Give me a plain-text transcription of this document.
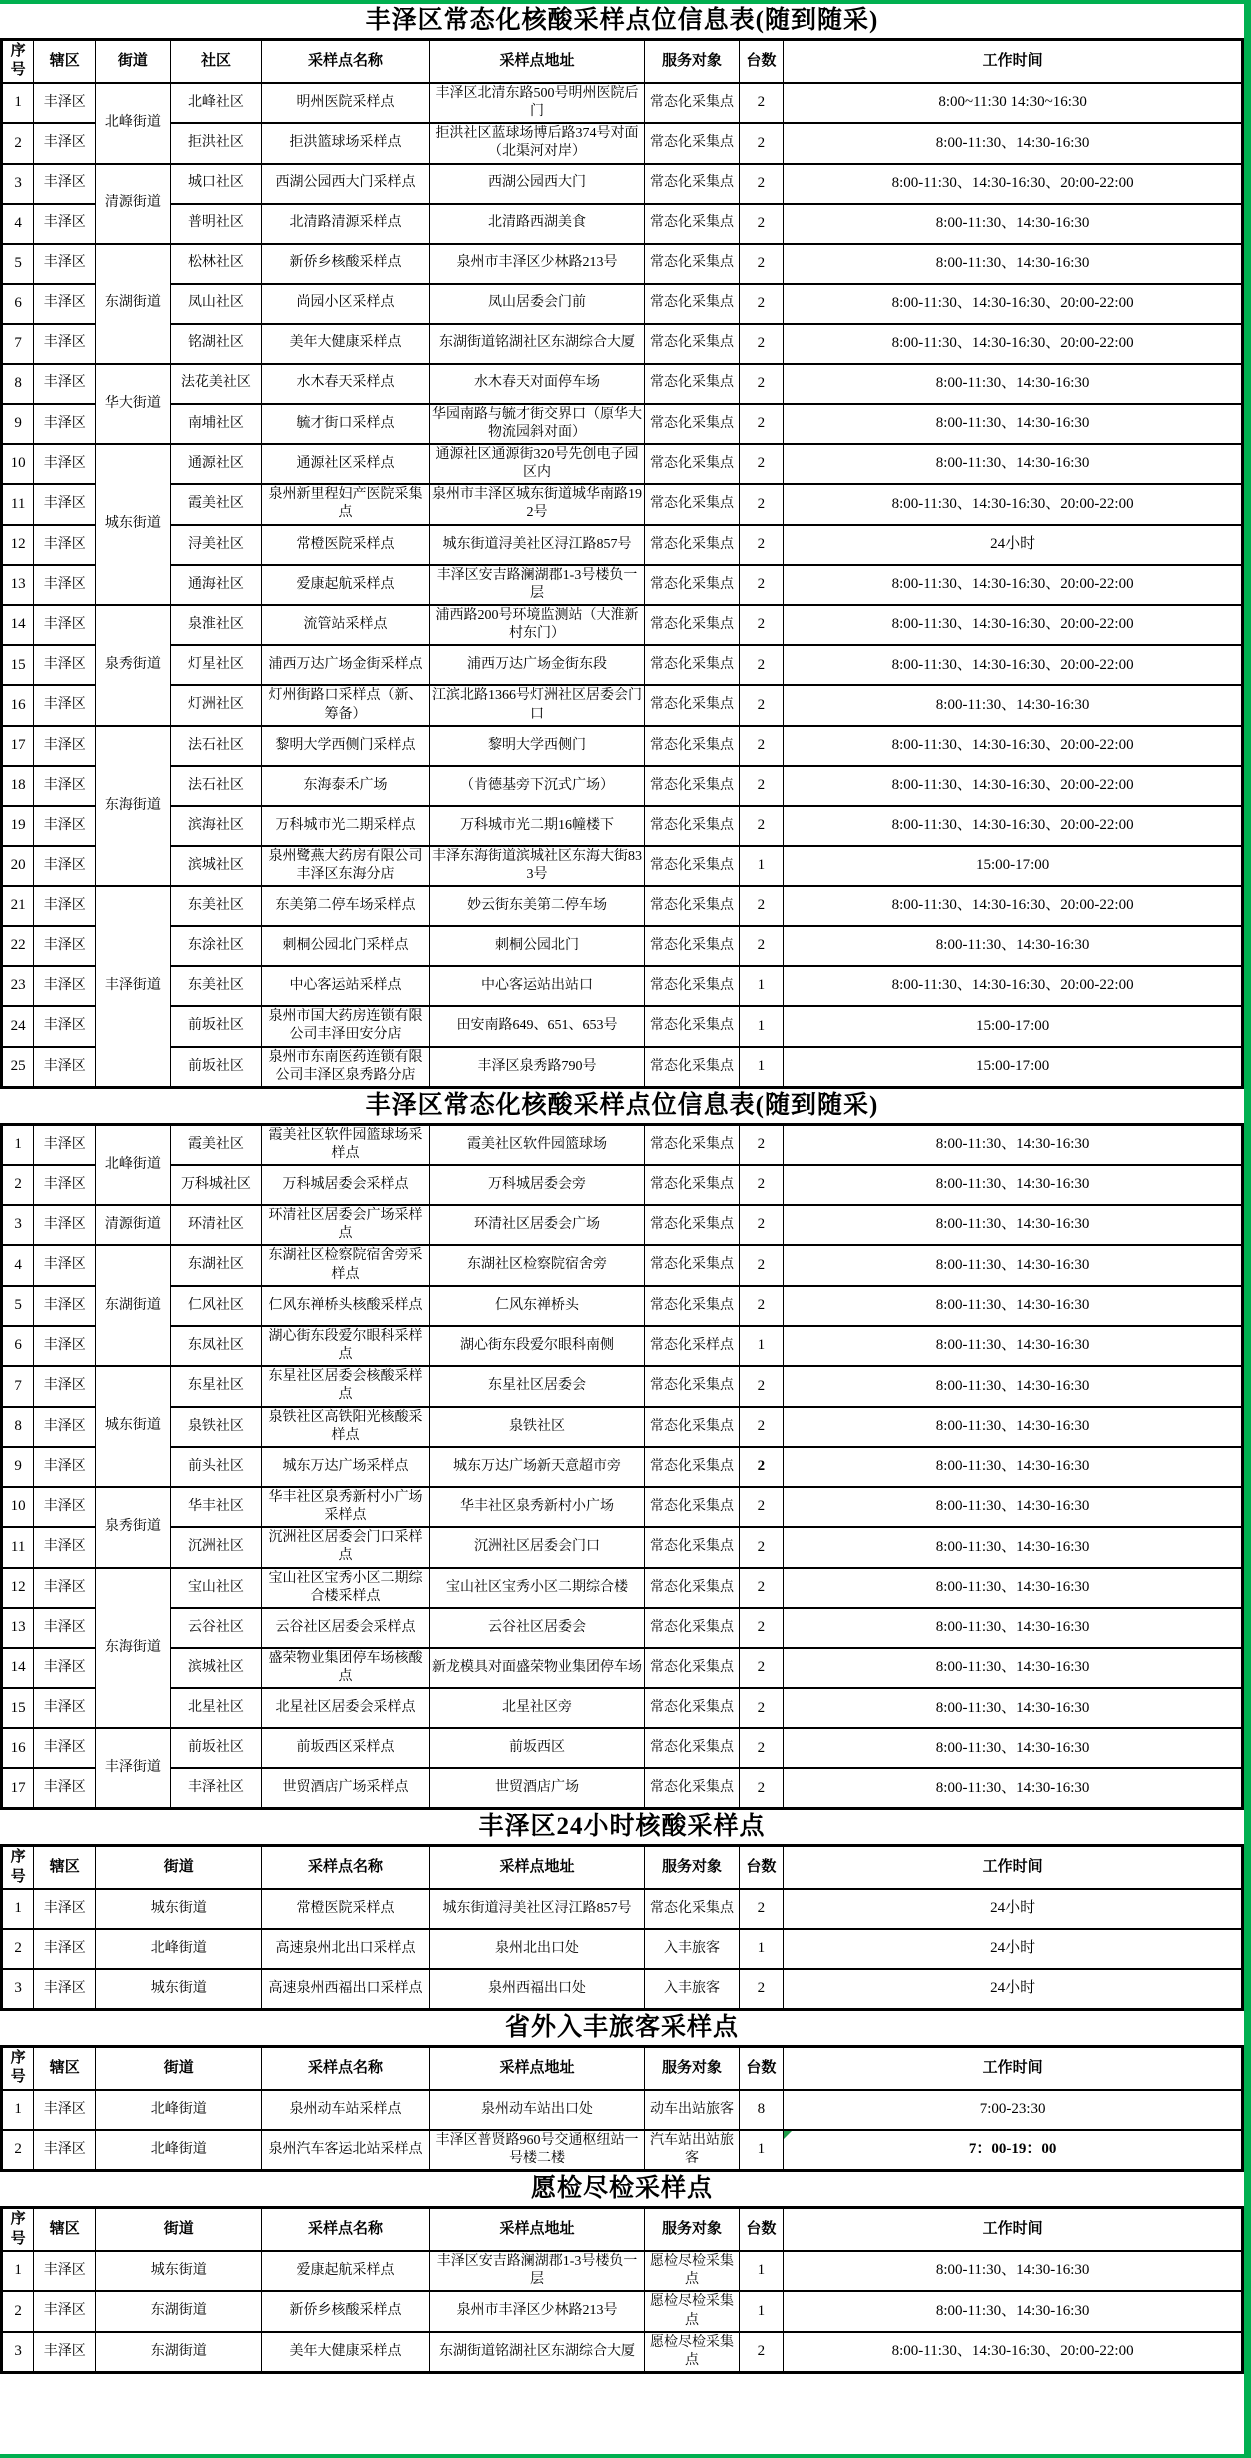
丰泽区常态化核酸采样点位信息表(随到随采)
序号	辖区	街道	社区	采样点名称	采样点地址	服务对象	台数	工作时间
1	丰泽区	北峰街道	北峰社区	明州医院采样点	丰泽区北清东路500号明州医院后门	常态化采集点	2	8:00~11:30 14:30~16:30
2	丰泽区		拒洪社区	拒洪篮球场采样点	拒洪社区蓝球场博后路374号对面（北渠河对岸）	常态化采集点	2	8:00-11:30、14:30-16:30
3	丰泽区	清源街道	城口社区	西湖公园西大门采样点	西湖公园西大门	常态化采集点	2	8:00-11:30、14:30-16:30、20:00-22:00
4	丰泽区		普明社区	北清路清源采样点	北清路西湖美食	常态化采集点	2	8:00-11:30、14:30-16:30
5	丰泽区	东湖街道	松林社区	新侨乡核酸采样点	泉州市丰泽区少林路213号	常态化采集点	2	8:00-11:30、14:30-16:30
6	丰泽区		凤山社区	尚园小区采样点	凤山居委会门前	常态化采集点	2	8:00-11:30、14:30-16:30、20:00-22:00
7	丰泽区		铭湖社区	美年大健康采样点	东湖街道铭湖社区东湖综合大厦	常态化采集点	2	8:00-11:30、14:30-16:30、20:00-22:00
8	丰泽区	华大街道	法花美社区	水木春天采样点	水木春天对面停车场	常态化采集点	2	8:00-11:30、14:30-16:30
9	丰泽区		南埔社区	毓才街口采样点	华园南路与毓才街交界口（原华大物流园斜对面）	常态化采集点	2	8:00-11:30、14:30-16:30
10	丰泽区	城东街道	通源社区	通源社区采样点	通源社区通源街320号先创电子园区内	常态化采集点	2	8:00-11:30、14:30-16:30
11	丰泽区		霞美社区	泉州新里程妇产医院采集点	泉州市丰泽区城东街道城华南路192号	常态化采集点	2	8:00-11:30、14:30-16:30、20:00-22:00
12	丰泽区		浔美社区	常橙医院采样点	城东街道浔美社区浔江路857号	常态化采集点	2	24小时
13	丰泽区		通海社区	爱康起航采样点	丰泽区安吉路澜湖郡1-3号楼负一层	常态化采集点	2	8:00-11:30、14:30-16:30、20:00-22:00
14	丰泽区	泉秀街道	泉淮社区	流管站采样点	浦西路200号环境监测站（大淮新村东门）	常态化采集点	2	8:00-11:30、14:30-16:30、20:00-22:00
15	丰泽区		灯星社区	浦西万达广场金街采样点	浦西万达广场金街东段	常态化采集点	2	8:00-11:30、14:30-16:30、20:00-22:00
16	丰泽区		灯洲社区	灯州街路口采样点（新、筹备）	江滨北路1366号灯洲社区居委会门口	常态化采集点	2	8:00-11:30、14:30-16:30
17	丰泽区	东海街道	法石社区	黎明大学西侧门采样点	黎明大学西侧门	常态化采集点	2	8:00-11:30、14:30-16:30、20:00-22:00
18	丰泽区		法石社区	东海泰禾广场	（肯德基旁下沉式广场）	常态化采集点	2	8:00-11:30、14:30-16:30、20:00-22:00
19	丰泽区		滨海社区	万科城市光二期采样点	万科城市光二期16幢楼下	常态化采集点	2	8:00-11:30、14:30-16:30、20:00-22:00
20	丰泽区		滨城社区	泉州鹭燕大药房有限公司丰泽区东海分店	丰泽东海街道滨城社区东海大街833号	常态化采集点	1	15:00-17:00
21	丰泽区	丰泽街道	东美社区	东美第二停车场采样点	妙云街东美第二停车场	常态化采集点	2	8:00-11:30、14:30-16:30、20:00-22:00
22	丰泽区		东涂社区	刺桐公园北门采样点	刺桐公园北门	常态化采集点	2	8:00-11:30、14:30-16:30
23	丰泽区		东美社区	中心客运站采样点	中心客运站出站口	常态化采集点	1	8:00-11:30、14:30-16:30、20:00-22:00
24	丰泽区		前坂社区	泉州市国大药房连锁有限公司丰泽田安分店	田安南路649、651、653号	常态化采集点	1	15:00-17:00
25	丰泽区		前坂社区	泉州市东南医药连锁有限公司丰泽区泉秀路分店	丰泽区泉秀路790号	常态化采集点	1	15:00-17:00
丰泽区常态化核酸采样点位信息表(随到随采)
1	丰泽区	北峰街道	霞美社区	霞美社区软件园篮球场采样点	霞美社区软件园篮球场	常态化采集点	2	8:00-11:30、14:30-16:30
2	丰泽区		万科城社区	万科城居委会采样点	万科城居委会旁	常态化采集点	2	8:00-11:30、14:30-16:30
3	丰泽区	清源街道	环清社区	环清社区居委会广场采样点	环清社区居委会广场	常态化采集点	2	8:00-11:30、14:30-16:30
4	丰泽区	东湖街道	东湖社区	东湖社区检察院宿舍旁采样点	东湖社区检察院宿舍旁	常态化采集点	2	8:00-11:30、14:30-16:30
5	丰泽区		仁风社区	仁风东禅桥头核酸采样点	仁风东禅桥头	常态化采集点	2	8:00-11:30、14:30-16:30
6	丰泽区		东凤社区	湖心街东段爱尔眼科采样点	湖心街东段爱尔眼科南侧	常态化采样点	1	8:00-11:30、14:30-16:30
7	丰泽区	城东街道	东星社区	东星社区居委会核酸采样点	东星社区居委会	常态化采集点	2	8:00-11:30、14:30-16:30
8	丰泽区		泉铁社区	泉铁社区高铁阳光核酸采样点	泉铁社区	常态化采集点	2	8:00-11:30、14:30-16:30
9	丰泽区		前头社区	城东万达广场采样点	城东万达广场新天意超市旁	常态化采集点	2	8:00-11:30、14:30-16:30
10	丰泽区	泉秀街道	华丰社区	华丰社区泉秀新村小广场采样点	华丰社区泉秀新村小广场	常态化采集点	2	8:00-11:30、14:30-16:30
11	丰泽区		沉洲社区	沉洲社区居委会门口采样点	沉洲社区居委会门口	常态化采集点	2	8:00-11:30、14:30-16:30
12	丰泽区	东海街道	宝山社区	宝山社区宝秀小区二期综合楼采样点	宝山社区宝秀小区二期综合楼	常态化采集点	2	8:00-11:30、14:30-16:30
13	丰泽区		云谷社区	云谷社区居委会采样点	云谷社区居委会	常态化采集点	2	8:00-11:30、14:30-16:30
14	丰泽区		滨城社区	盛荣物业集团停车场核酸点	新龙模具对面盛荣物业集团停车场	常态化采集点	2	8:00-11:30、14:30-16:30
15	丰泽区		北星社区	北星社区居委会采样点	北星社区旁	常态化采集点	2	8:00-11:30、14:30-16:30
16	丰泽区	丰泽街道	前坂社区	前坂西区采样点	前坂西区	常态化采集点	2	8:00-11:30、14:30-16:30
17	丰泽区		丰泽社区	世贸酒店广场采样点	世贸酒店广场	常态化采集点	2	8:00-11:30、14:30-16:30
丰泽区24小时核酸采样点
序号	辖区	街道	采样点名称	采样点地址	服务对象	台数	工作时间
1	丰泽区	城东街道	常橙医院采样点	城东街道浔美社区浔江路857号	常态化采集点	2	24小时
2	丰泽区	北峰街道	高速泉州北出口采样点	泉州北出口处	入丰旅客	1	24小时
3	丰泽区	城东街道	高速泉州西福出口采样点	泉州西福出口处	入丰旅客	2	24小时
省外入丰旅客采样点
序号	辖区	街道	采样点名称	采样点地址	服务对象	台数	工作时间
1	丰泽区	北峰街道	泉州动车站采样点	泉州动车站出口处	动车出站旅客	8	7:00-23:30
2	丰泽区	北峰街道	泉州汽车客运北站采样点	丰泽区普贤路960号交通枢纽站一号楼二楼	汽车站出站旅客	1	7：00-19：00
愿检尽检采样点
序号	辖区	街道	采样点名称	采样点地址	服务对象	台数	工作时间
1	丰泽区	城东街道	爱康起航采样点	丰泽区安吉路澜湖郡1-3号楼负一层	愿检尽检采集点	1	8:00-11:30、14:30-16:30
2	丰泽区	东湖街道	新侨乡核酸采样点	泉州市丰泽区少林路213号	愿检尽检采集点	1	8:00-11:30、14:30-16:30
3	丰泽区	东湖街道	美年大健康采样点	东湖街道铭湖社区东湖综合大厦	愿检尽检采集点	2	8:00-11:30、14:30-16:30、20:00-22:00
